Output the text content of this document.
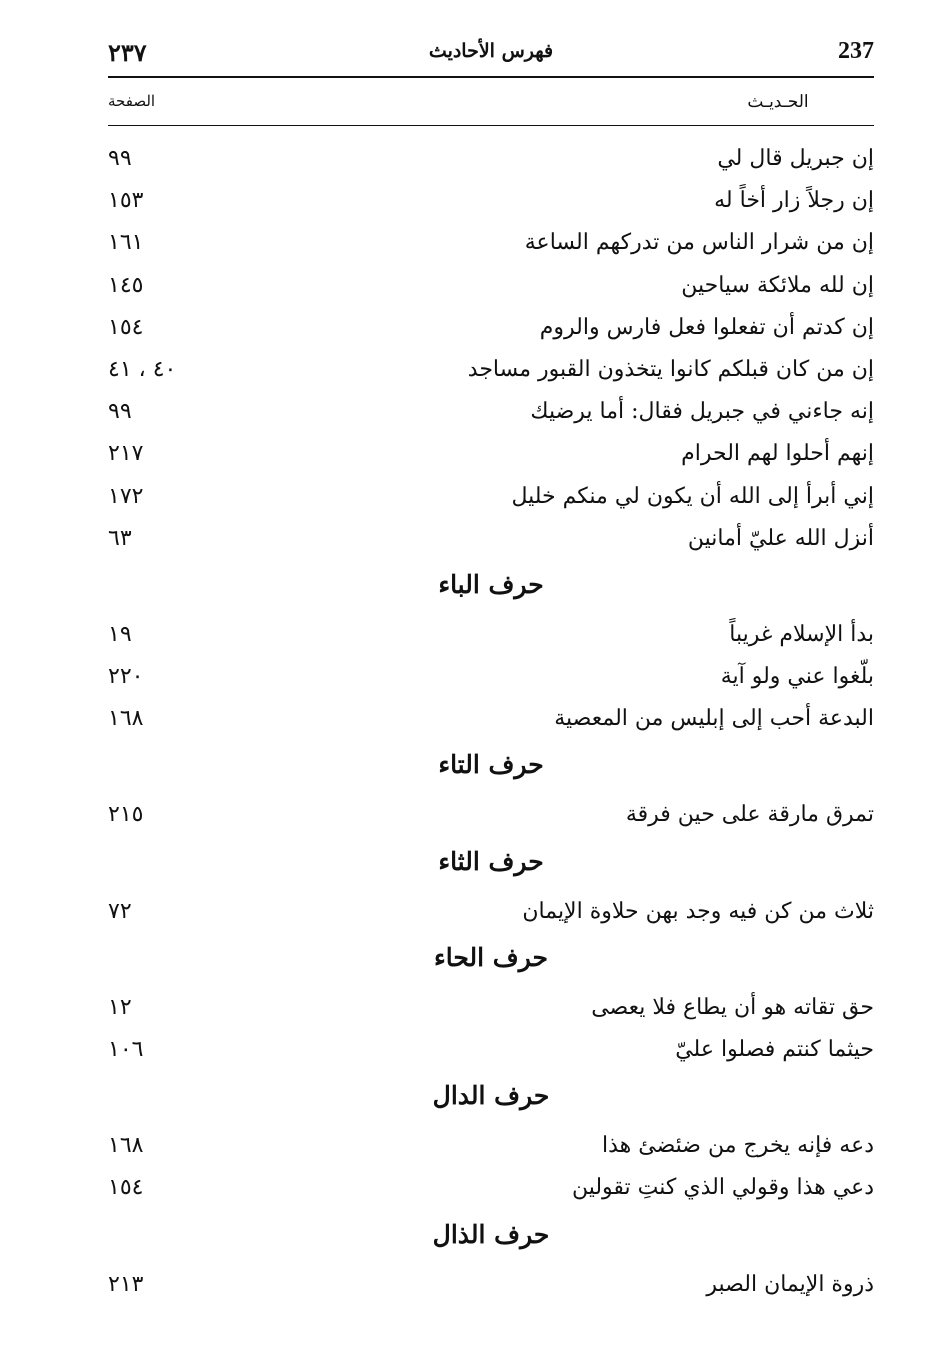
237
فهرس الأحاديث
٢٣٧
الحـديـث
الصفحة
إن جبريل قال لي
٩٩
إن رجلاً زار أخاً له
١٥٣
إن من شرار الناس من تدركهم الساعة
١٦١
إن لله ملائكة سياحين
١٤٥
إن كدتم أن تفعلوا فعل فارس والروم
١٥٤
إن من كان قبلكم كانوا يتخذون القبور مساجد
٤٠ ، ٤١
إنه جاءني في جبريل فقال: أما يرضيك
٩٩
إنهم أحلوا لهم الحرام
٢١٧
إني أبرأ إلى الله أن يكون لي منكم خليل
١٧٢
أنزل الله عليّ أمانين
٦٣
حرف الباء
بدأ الإسلام غريباً
١٩
بلّغوا عني ولو آية
٢٢٠
البدعة أحب إلى إبليس من المعصية
١٦٨
حرف التاء
تمرق مارقة على حين فرقة
٢١٥
حرف الثاء
ثلاث من كن فيه وجد بهن حلاوة الإيمان
٧٢
حرف الحاء
حق تقاته هو أن يطاع فلا يعصى
١٢
حيثما كنتم فصلوا عليّ
١٠٦
حرف الدال
دعه فإنه يخرج من ضئضئ هذا
١٦٨
دعي هذا وقولي الذي كنتِ تقولين
١٥٤
حرف الذال
ذروة الإيمان الصبر
٢١٣
